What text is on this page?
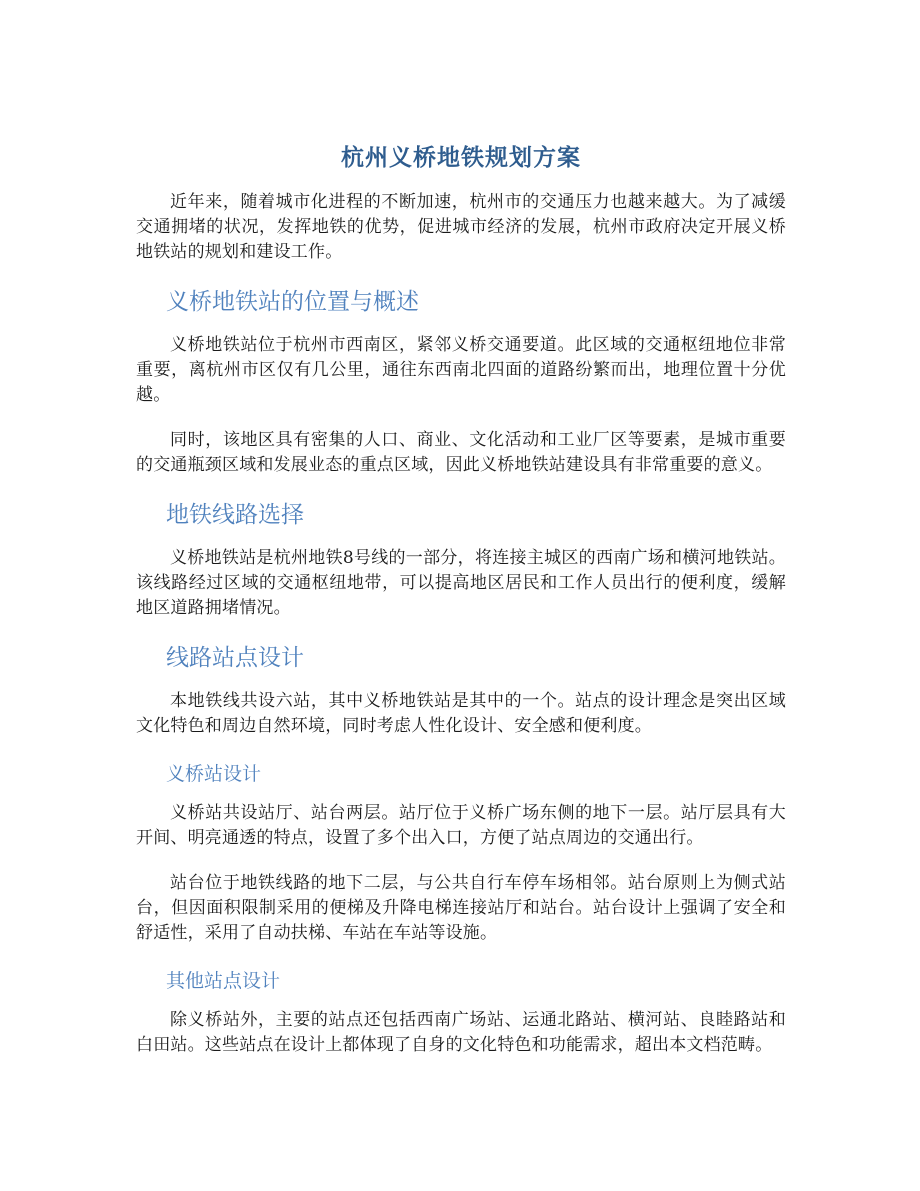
杭州义桥地铁规划方案

近年来，随着城市化进程的不断加速，杭州市的交通压力也越来越大。为了减缓交通拥堵的状况，发挥地铁的优势，促进城市经济的发展，杭州市政府决定开展义桥地铁站的规划和建设工作。

义桥地铁站的位置与概述

义桥地铁站位于杭州市西南区，紧邻义桥交通要道。此区域的交通枢纽地位非常重要，离杭州市区仅有几公里，通往东西南北四面的道路纷繁而出，地理位置十分优越。

同时，该地区具有密集的人口、商业、文化活动和工业厂区等要素，是城市重要的交通瓶颈区域和发展业态的重点区域，因此义桥地铁站建设具有非常重要的意义。

地铁线路选择

义桥地铁站是杭州地铁8号线的一部分，将连接主城区的西南广场和横河地铁站。该线路经过区域的交通枢纽地带，可以提高地区居民和工作人员出行的便利度，缓解地区道路拥堵情况。

线路站点设计

本地铁线共设六站，其中义桥地铁站是其中的一个。站点的设计理念是突出区域文化特色和周边自然环境，同时考虑人性化设计、安全感和便利度。

义桥站设计

义桥站共设站厅、站台两层。站厅位于义桥广场东侧的地下一层。站厅层具有大开间、明亮通透的特点，设置了多个出入口，方便了站点周边的交通出行。

站台位于地铁线路的地下二层，与公共自行车停车场相邻。站台原则上为侧式站台，但因面积限制采用的便梯及升降电梯连接站厅和站台。站台设计上强调了安全和舒适性，采用了自动扶梯、车站在车站等设施。

其他站点设计

除义桥站外，主要的站点还包括西南广场站、运通北路站、横河站、良睦路站和白田站。这些站点在设计上都体现了自身的文化特色和功能需求，超出本文档范畴。
